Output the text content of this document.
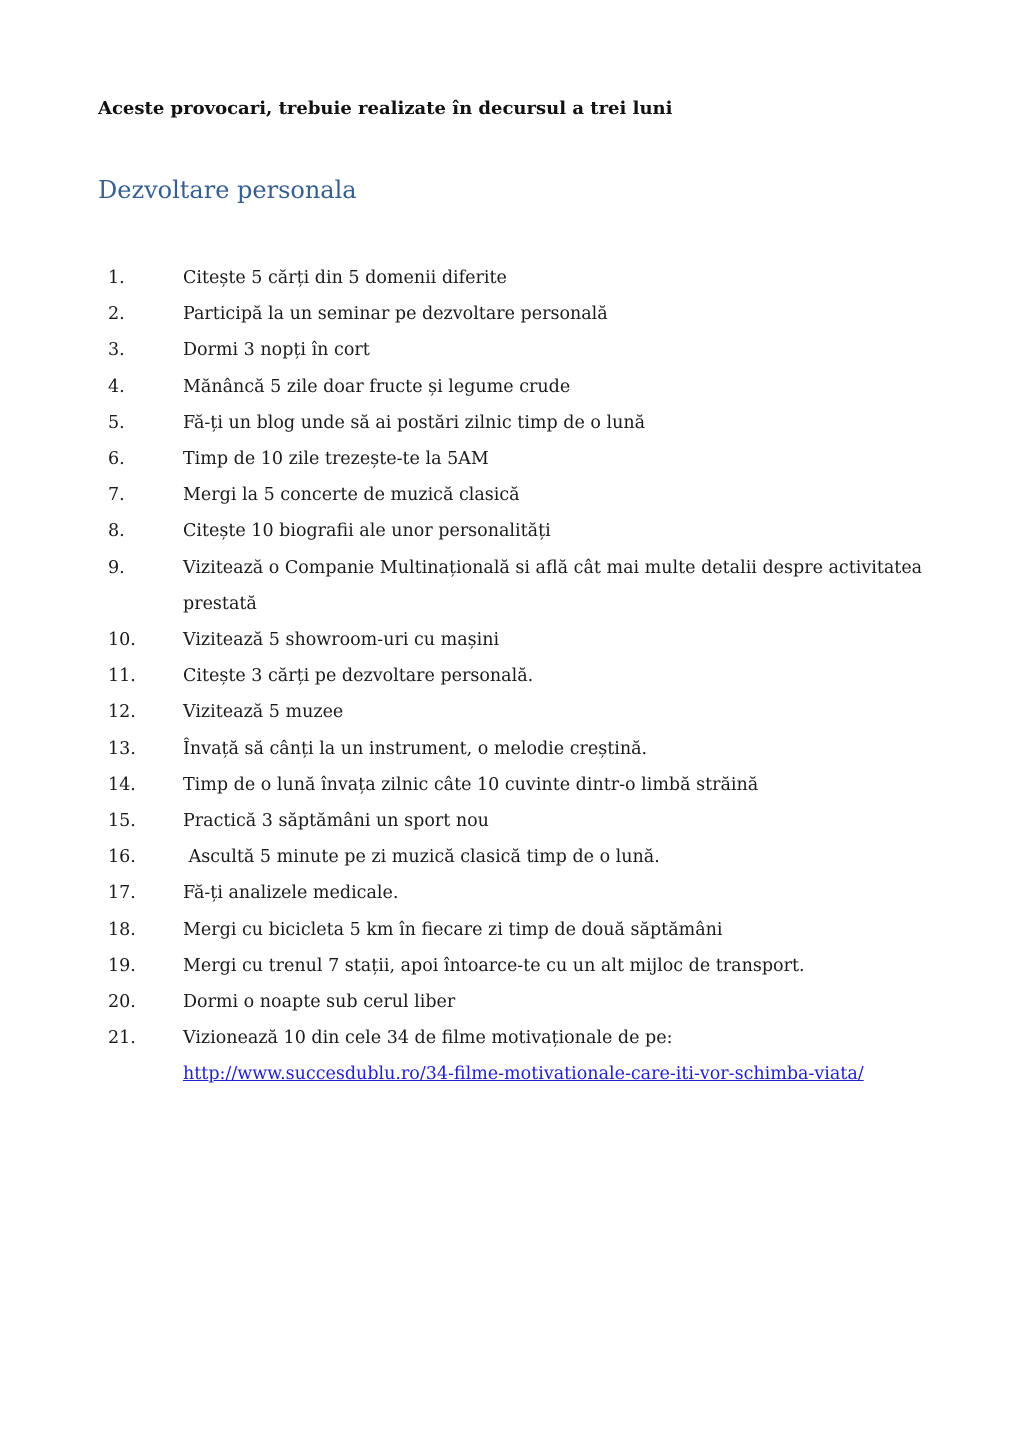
Aceste provocari, trebuie realizate în decursul a trei luni
Dezvoltare personala
1.	Citește 5 cărți din 5 domenii diferite
2.	Participă la un seminar pe dezvoltare personală
3.	Dormi 3 nopți în cort
4.	Mănâncă 5 zile doar fructe și legume crude
5.	Fă-ți un blog unde să ai postări zilnic timp de o lună
6.	Timp de 10 zile trezește-te la 5AM
7.	Mergi la 5 concerte de muzică clasică
8.	Citește 10 biografii ale unor personalități
9.	Vizitează o Companie Multinațională si află cât mai multe detalii despre activitatea prestată
10.	Vizitează 5 showroom-uri cu mașini
11.	Citește 3 cărți pe dezvoltare personală.
12.	Vizitează 5 muzee
13.	Învață să cânți la un instrument, o melodie creștină.
14.	Timp de o lună învața zilnic câte 10 cuvinte dintr-o limbă străină
15.	Practică 3 săptămâni un sport nou
16.	Ascultă 5 minute pe zi muzică clasică timp de o lună.
17.	Fă-ți analizele medicale.
18.	Mergi cu bicicleta 5 km în fiecare zi timp de două săptămâni
19.	Mergi cu trenul 7 stații, apoi întoarce-te cu un alt mijloc de transport.
20.	Dormi o noapte sub cerul liber
21.	Vizionează 10 din cele 34 de filme motivaționale de pe:
http://www.succesdublu.ro/34-filme-motivationale-care-iti-vor-schimba-viata/
